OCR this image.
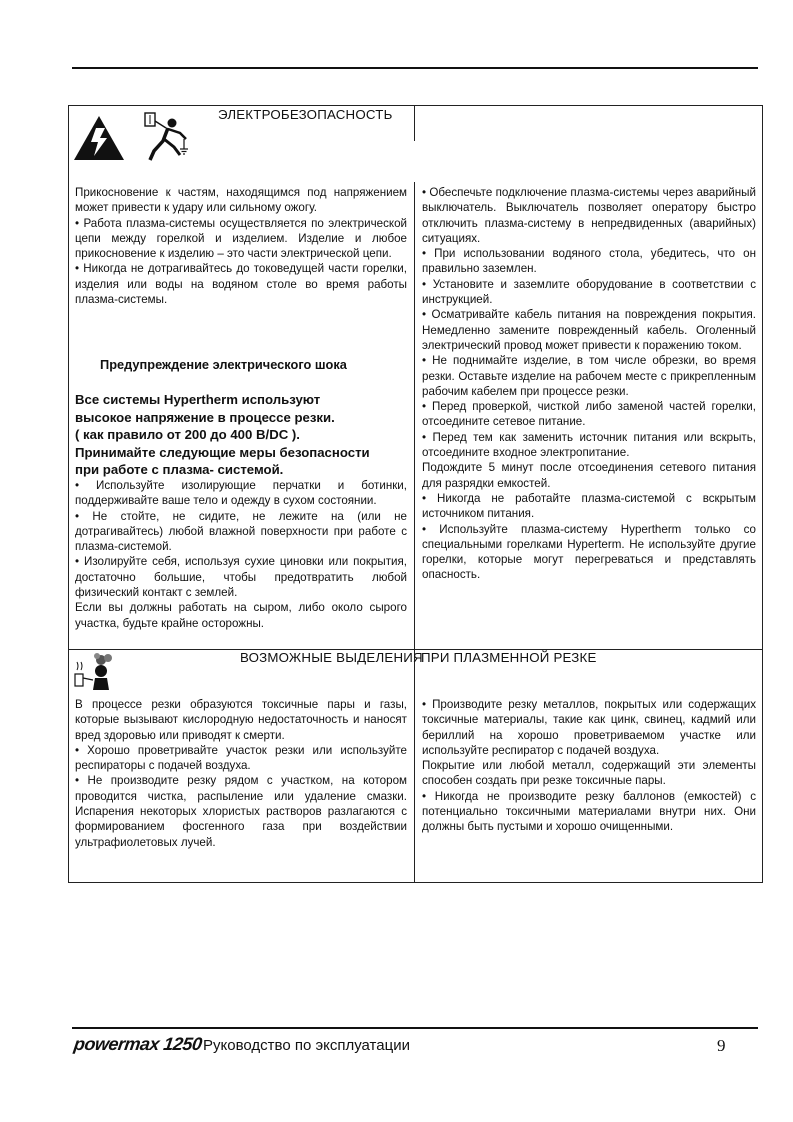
ЭЛЕКТРОБЕЗОПАСНОСТЬ

Прикосновение к частям, находящимся под напряжением может привести к удару или сильному ожогу.

• Работа плазма-системы осуществляется по электрической цепи между горелкой и изделием. Изделие и любое прикосновение к изделию – это части электрической цепи.

• Никогда не дотрагивайтесь до токоведущей части горелки, изделия или воды на водяном столе во время работы плазма-системы.

Предупреждение электрического шока

Все системы Hypertherm используют

высокое напряжение в процессе резки.

( как правило от 200 до 400 В/DC ).

Принимайте следующие меры безопасности

при работе с плазма- системой.

• Используйте изолирующие перчатки и ботинки, поддерживайте ваше тело и одежду в сухом состоянии.

• Не стойте, не сидите, не лежите на (или не дотрагивайтесь) любой влажной поверхности при работе с плазма-системой.

• Изолируйте себя, используя сухие циновки или покрытия, достаточно большие, чтобы предотвратить любой физический контакт с землей.

Если вы должны работать на сыром, либо около сырого участка, будьте крайне осторожны.

• Обеспечьте подключение плазма-системы через аварийный выключатель. Выключатель позволяет оператору быстро отключить плазма-систему в непредвиденных (аварийных) ситуациях.

• При использовании водяного стола, убедитесь, что он правильно заземлен.

• Установите и заземлите оборудование в соответствии с инструкцией.

• Осматривайте кабель питания на повреждения покрытия. Немедленно замените поврежденный кабель. Оголенный электрический провод может привести к поражению током.

• Не поднимайте изделие, в том числе обрезки, во время резки. Оставьте изделие на рабочем месте с прикрепленным рабочим кабелем при процессе резки.

• Перед проверкой, чисткой либо заменой частей горелки, отсоедините сетевое питание.

• Перед тем как заменить источник питания или вскрыть, отсоедините входное электропитание.

Подождите 5 минут после отсоединения сетевого питания для разрядки емкостей.

• Никогда не работайте плазма-системой с вскрытым источником питания.

• Используйте плазма-систему Hypertherm только со специальными горелками Hyperterm. Не используйте другие горелки, которые могут перегреваться и представлять опасность.

ВОЗМОЖНЫЕ ВЫДЕЛЕНИЯ
ПРИ ПЛАЗМЕННОЙ РЕЗКЕ

В процессе резки образуются токсичные пары и газы, которые вызывают кислородную недостаточность и наносят вред здоровью или приводят к смерти.

• Хорошо проветривайте участок резки или используйте респираторы с подачей воздуха.

• Не производите резку рядом с участком, на котором проводится чистка, распыление или удаление смазки. Испарения некоторых хлористых растворов разлагаются с формированием фосгенного газа при воздействии ультрафиолетовых лучей.

• Производите резку металлов, покрытых или содержащих токсичные материалы, такие как цинк, свинец, кадмий или бериллий на хорошо проветриваемом участке или используйте респиратор с подачей воздуха.

Покрытие или любой металл, содержащий эти элементы способен создать при резке токсичные пары.

• Никогда не производите резку баллонов (емкостей) с потенциально токсичными материалами внутри них. Они должны быть пустыми и хорошо очищенными.

powermax 1250 Руководство по эксплуатации	9
